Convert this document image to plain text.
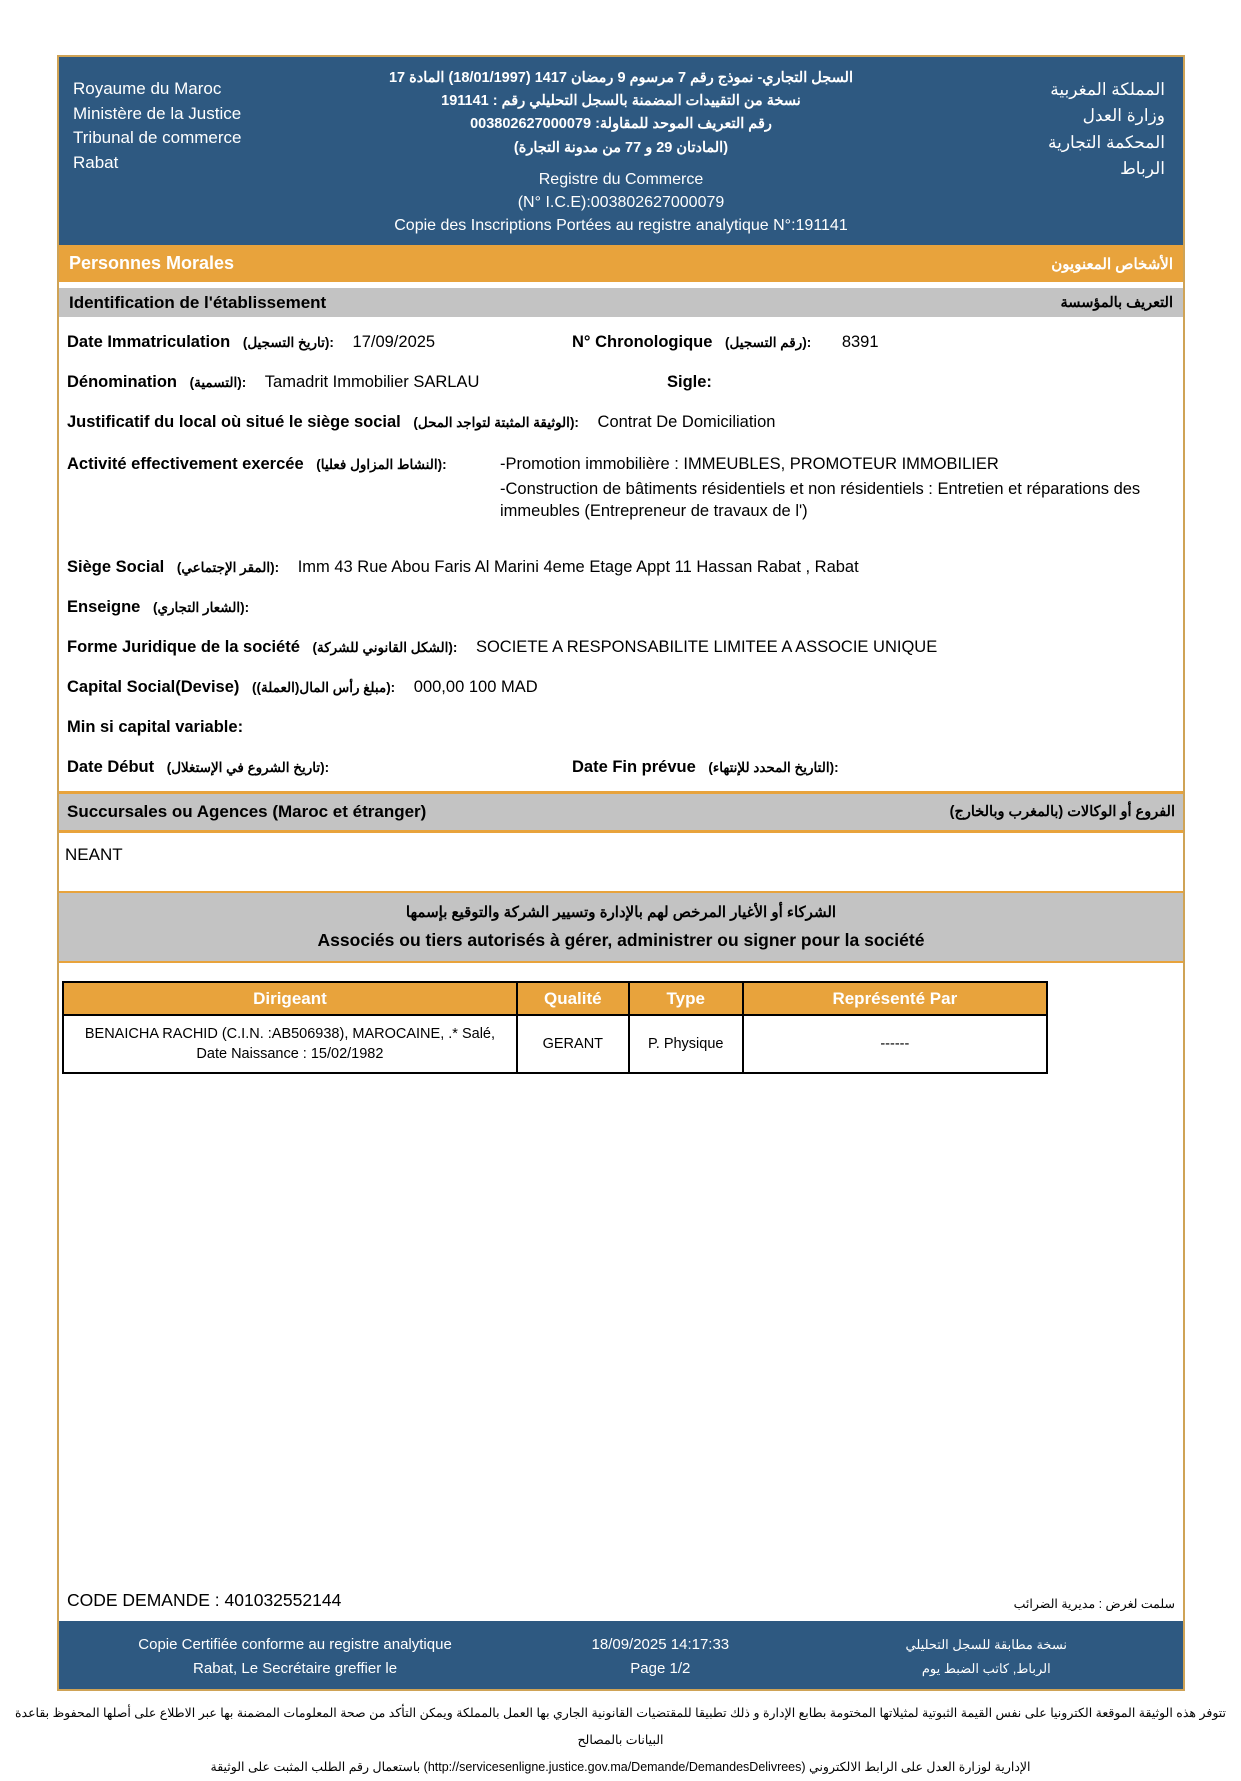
Royaume du Maroc
Ministère de la Justice
Tribunal de commerce
Rabat
السجل التجاري- نموذج رقم 7 مرسوم 9 رمضان 1417 (18/01/1997) المادة 17
نسخة من التقييدات المضمنة بالسجل التحليلي رقم : 191141
رقم التعريف الموحد للمقاولة: 003802627000079
(المادتان 29 و 77 من مدونة التجارة)
Registre du Commerce
(N° I.C.E):003802627000079
Copie des Inscriptions Portées au registre analytique N°:191141
المملكة المغربية
وزارة العدل
المحكمة التجارية
الرباط
Personnes Morales	الأشخاص المعنويون
Identification de l'établissement	التعريف بالمؤسسة
Date Immatriculation (تاريخ التسجيل): 17/09/2025	N° Chronologique (رقم التسجيل): 8391
Dénomination (التسمية): Tamadrit Immobilier SARLAU	Sigle:
Justificatif du local où situé le siège social (الوثيقة المثبتة لتواجد المحل): Contrat De Domiciliation
Activité effectivement exercée (النشاط المزاول فعليا):	-Promotion immobilière : IMMEUBLES, PROMOTEUR IMMOBILIER
-Construction de bâtiments résidentiels et non résidentiels : Entretien et réparations des immeubles (Entrepreneur de travaux de l')
Siège Social (المقر الإجتماعي): Imm 43 Rue Abou Faris Al Marini 4eme Etage Appt 11 Hassan Rabat , Rabat
Enseigne (الشعار التجاري):
Forme Juridique de la société (الشكل القانوني للشركة): SOCIETE A RESPONSABILITE LIMITEE A ASSOCIE UNIQUE
Capital Social(Devise) (مبلغ رأس المال(العملة)): 100 000,00 MAD
Min si capital variable:
Date Début (تاريخ الشروع في الإستغلال):	Date Fin prévue (التاريخ المحدد للإنتهاء):
Succursales ou Agences (Maroc et étranger)	الفروع أو الوكالات (بالمغرب وبالخارج)
NEANT
الشركاء أو الأغيار المرخص لهم بالإدارة وتسيير الشركة والتوقيع بإسمها
Associés ou tiers autorisés à gérer, administrer ou signer pour la société
Dirigeant	Qualité	Type	Représenté Par
BENAICHA RACHID (C.I.N. :AB506938), MAROCAINE, .* Salé, Date Naissance : 15/02/1982	GERANT	P. Physique	------
CODE DEMANDE : 401032552144	سلمت لغرض : مديرية الضرائب
Copie Certifiée conforme au registre analytique	18/09/2025 14:17:33	نسخة مطابقة للسجل التحليلي
Rabat, Le Secrétaire greffier le	Page 1/2	الرباط, كاتب الضبط يوم
تتوفر هذه الوثيقة الموقعة الكترونيا على نفس القيمة الثبوتية لمثيلاتها المختومة بطابع الإدارة و ذلك تطبيقا للمقتضيات القانونية الجاري بها العمل بالمملكة ويمكن التأكد من صحة المعلومات المضمنة بها عبر الاطلاع على أصلها المحفوظ بقاعدة البيانات بالمصالح
الإدارية لوزارة العدل على الرابط الالكتروني (http://servicesenligne.justice.gov.ma/Demande/DemandesDelivrees) باستعمال رقم الطلب المثبت على الوثيقة
